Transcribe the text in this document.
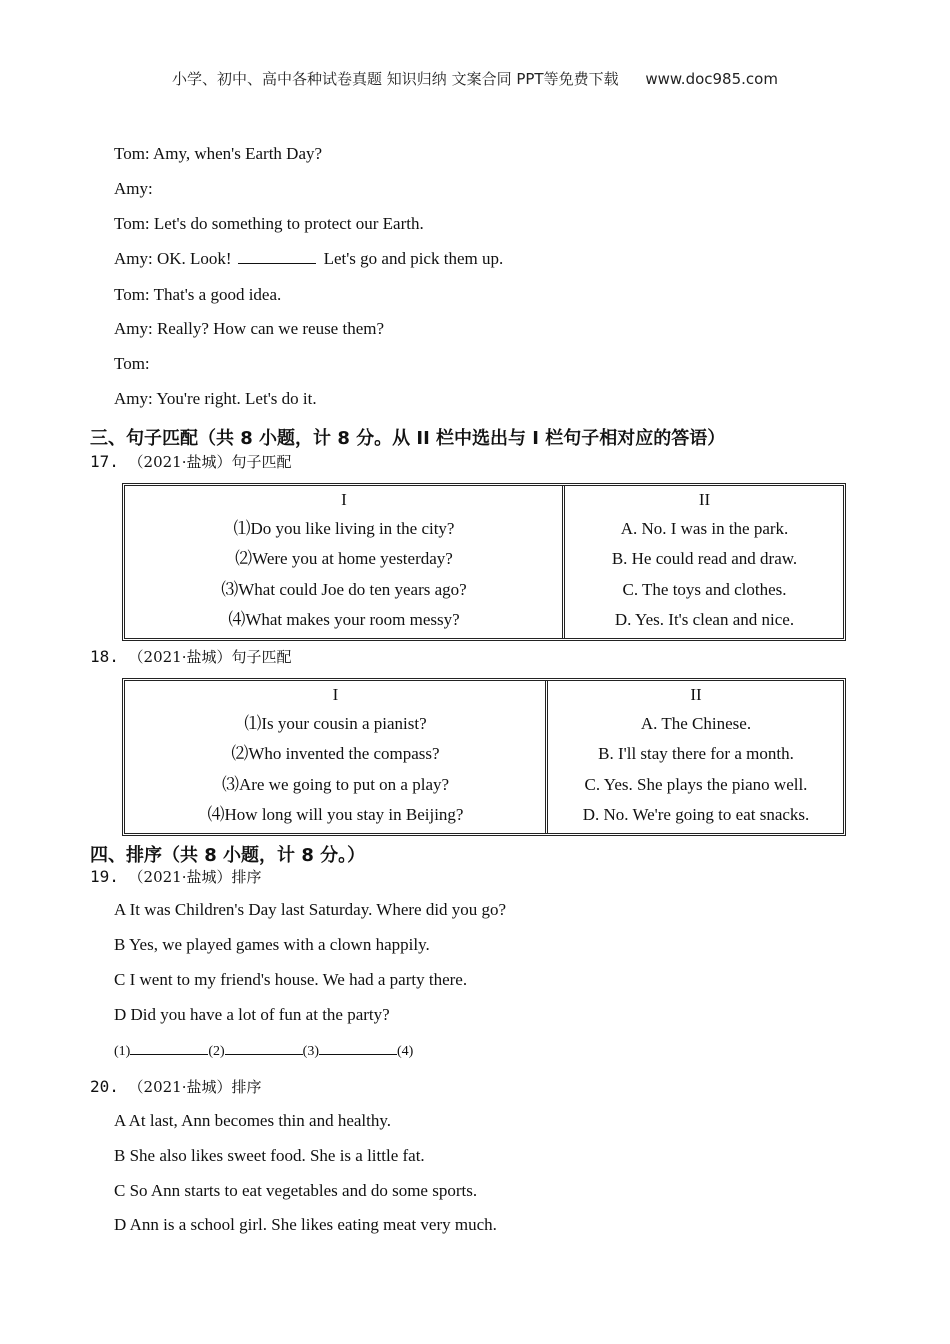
小学、初中、高中各种试卷真题 知识归纳 文案合同 PPT等免费下载 www.doc985.com
Tom: Amy, when's Earth Day?
Amy:
Tom: Let's do something to protect our Earth.
Amy: OK. Look!	Let's go and pick them up.
Tom: That's a good idea.
Amy: Really? How can we reuse them?
Tom:
Amy: You're right. Let's do it.
三、句子匹配（共 8 小题，计 8 分。从 II 栏中选出与 I 栏句子相对应的答语）
17. （2021·盐城）句子匹配
I
⑴Do you like living in the city?
⑵Were you at home yesterday?
⑶What could Joe do ten years ago?
⑷What makes your room messy?
II
A. No. I was in the park.
B. He could read and draw.
C. The toys and clothes.
D. Yes. It's clean and nice.
18. （2021·盐城）句子匹配
I
⑴Is your cousin a pianist?
⑵Who invented the compass?
⑶Are we going to put on a play?
⑷How long will you stay in Beijing?
II
A. The Chinese.
B. I'll stay there for a month.
C. Yes. She plays the piano well.
D. No. We're going to eat snacks.
四、排序（共 8 小题，计 8 分。）
19. （2021·盐城）排序
A It was Children's Day last Saturday. Where did you go?
B Yes, we played games with a clown happily.
C I went to my friend's house. We had a party there.
D Did you have a lot of fun at the party?
(1)	(2)	(3)	(4)
20. （2021·盐城）排序
A At last, Ann becomes thin and healthy.
B She also likes sweet food. She is a little fat.
C So Ann starts to eat vegetables and do some sports.
D Ann is a school girl. She likes eating meat very much.
